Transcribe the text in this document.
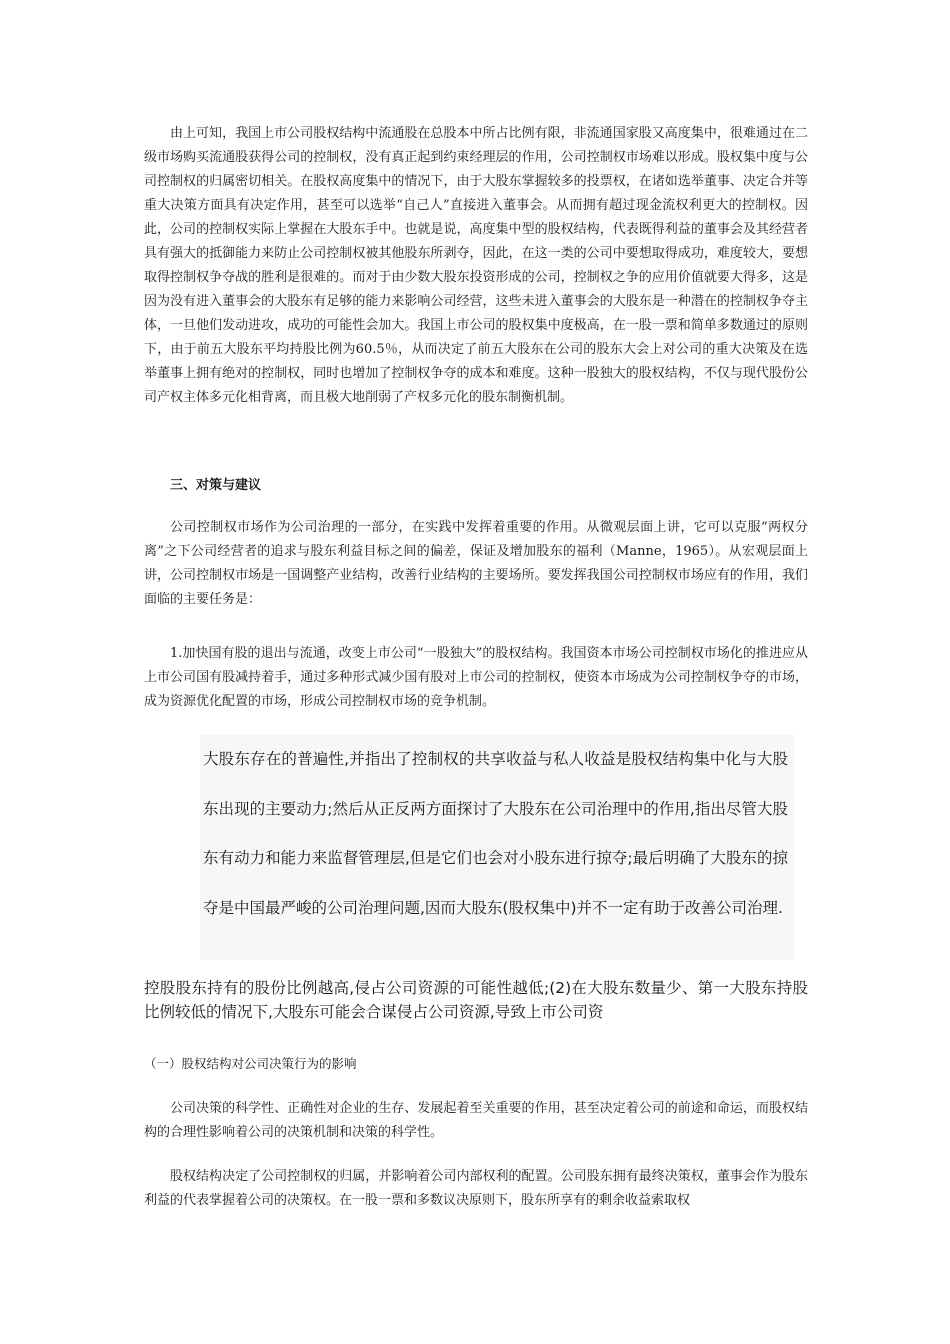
由上可知，我国上市公司股权结构中流通股在总股本中所占比例有限，非流通国家股又高度集中，很难通过在二级市场购买流通股获得公司的控制权，没有真正起到约束经理层的作用，公司控制权市场难以形成。股权集中度与公司控制权的归属密切相关。在股权高度集中的情况下，由于大股东掌握较多的投票权，在诸如选举董事、决定合并等重大决策方面具有决定作用，甚至可以选举“自己人”直接进入董事会。从而拥有超过现金流权利更大的控制权。因此，公司的控制权实际上掌握在大股东手中。也就是说，高度集中型的股权结构，代表既得利益的董事会及其经营者具有强大的抵御能力来防止公司控制权被其他股东所剥夺，因此，在这一类的公司中要想取得成功，难度较大，要想取得控制权争夺战的胜利是很难的。而对于由少数大股东投资形成的公司，控制权之争的应用价值就要大得多，这是因为没有进入董事会的大股东有足够的能力来影响公司经营，这些未进入董事会的大股东是一种潜在的控制权争夺主体，一旦他们发动进攻，成功的可能性会加大。我国上市公司的股权集中度极高，在一股一票和简单多数通过的原则下，由于前五大股东平均持股比例为60.5％，从而决定了前五大股东在公司的股东大会上对公司的重大决策及在选举董事上拥有绝对的控制权，同时也增加了控制权争夺的成本和难度。这种一股独大的股权结构，不仅与现代股份公司产权主体多元化相背离，而且极大地削弱了产权多元化的股东制衡机制。

三、对策与建议

公司控制权市场作为公司治理的一部分，在实践中发挥着重要的作用。从微观层面上讲，它可以克服“两权分离”之下公司经营者的追求与股东利益目标之间的偏差，保证及增加股东的福利（Manne，1965）。从宏观层面上讲，公司控制权市场是一国调整产业结构，改善行业结构的主要场所。要发挥我国公司控制权市场应有的作用，我们面临的主要任务是：

1.加快国有股的退出与流通，改变上市公司“一股独大”的股权结构。我国资本市场公司控制权市场化的推进应从上市公司国有股减持着手，通过多种形式减少国有股对上市公司的控制权，使资本市场成为公司控制权争夺的市场，成为资源优化配置的市场，形成公司控制权市场的竞争机制。

大股东存在的普遍性,并指出了控制权的共享收益与私人收益是股权结构集中化与大股东出现的主要动力;然后从正反两方面探讨了大股东在公司治理中的作用,指出尽管大股东有动力和能力来监督管理层,但是它们也会对小股东进行掠夺;最后明确了大股东的掠夺是中国最严峻的公司治理问题,因而大股东(股权集中)并不一定有助于改善公司治理.

控股股东持有的股份比例越高,侵占公司资源的可能性越低;(2)在大股东数量少、第一大股东持股比例较低的情况下,大股东可能会合谋侵占公司资源,导致上市公司资

（一）股权结构对公司决策行为的影响

公司决策的科学性、正确性对企业的生存、发展起着至关重要的作用，甚至决定着公司的前途和命运，而股权结构的合理性影响着公司的决策机制和决策的科学性。

股权结构决定了公司控制权的归属，并影响着公司内部权利的配置。公司股东拥有最终决策权，董事会作为股东利益的代表掌握着公司的决策权。在一股一票和多数议决原则下，股东所享有的剩余收益索取权
